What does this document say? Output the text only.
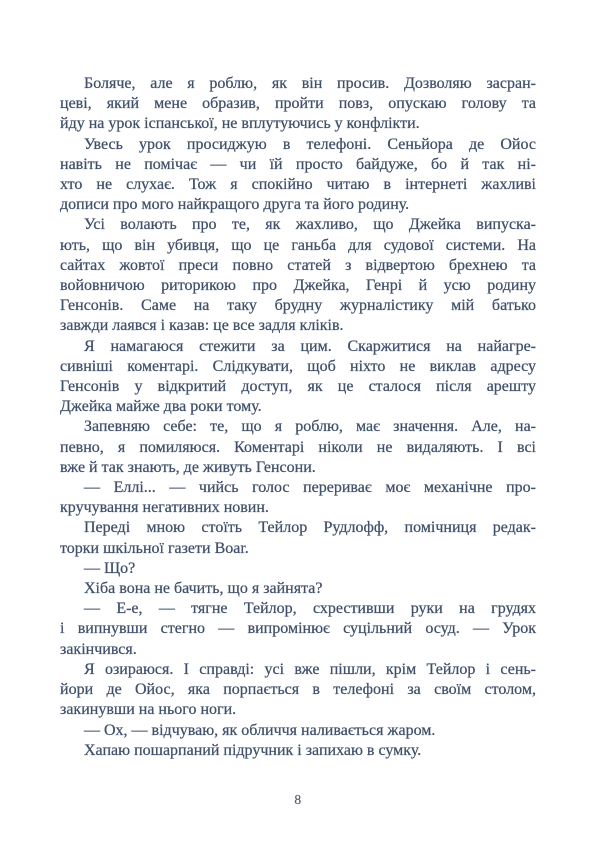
Боляче, але я роблю, як він просив. Дозволяю засран-
цеві, який мене образив, пройти повз, опускаю голову та
йду на урок іспанської, не вплутуючись у конфлікти.
Увесь урок просиджую в телефоні. Сеньйора де Ойос
навіть не помічає — чи їй просто байдуже, бо й так ні-
хто не слухає. Тож я спокійно читаю в інтернеті жахливі
дописи про мого найкращого друга та його родину.
Усі волають про те, як жахливо, що Джейка випуска-
ють, що він убивця, що це ганьба для судової системи. На
сайтах жовтої преси повно статей з відвертою брехнею та
войовничою риторикою про Джейка, Генрі й усю родину
Генсонів. Саме на таку брудну журналістику мій батько
завжди лаявся і казав: це все задля кліків.
Я намагаюся стежити за цим. Скаржитися на найагре-
сивніші коментарі. Слідкувати, щоб ніхто не виклав адресу
Генсонів у відкритий доступ, як це сталося після арешту
Джейка майже два роки тому.
Запевняю себе: те, що я роблю, має значення. Але, на-
певно, я помиляюся. Коментарі ніколи не видаляють. І всі
вже й так знають, де живуть Генсони.
— Еллі... — чийсь голос перериває моє механічне про-
кручування негативних новин.
Переді мною стоїть Тейлор Рудлофф, помічниця редак-
торки шкільної газети Boar.
— Що?
Хіба вона не бачить, що я зайнята?
— Е-е, — тягне Тейлор, схрестивши руки на грудях
і випнувши стегно — випромінює суцільний осуд. — Урок
закінчився.
Я озираюся. І справді: усі вже пішли, крім Тейлор і сень-
йори де Ойос, яка порпається в телефоні за своїм столом,
закинувши на нього ноги.
— Ох, — відчуваю, як обличчя наливається жаром.
Хапаю пошарпаний підручник і запихаю в сумку.
8
